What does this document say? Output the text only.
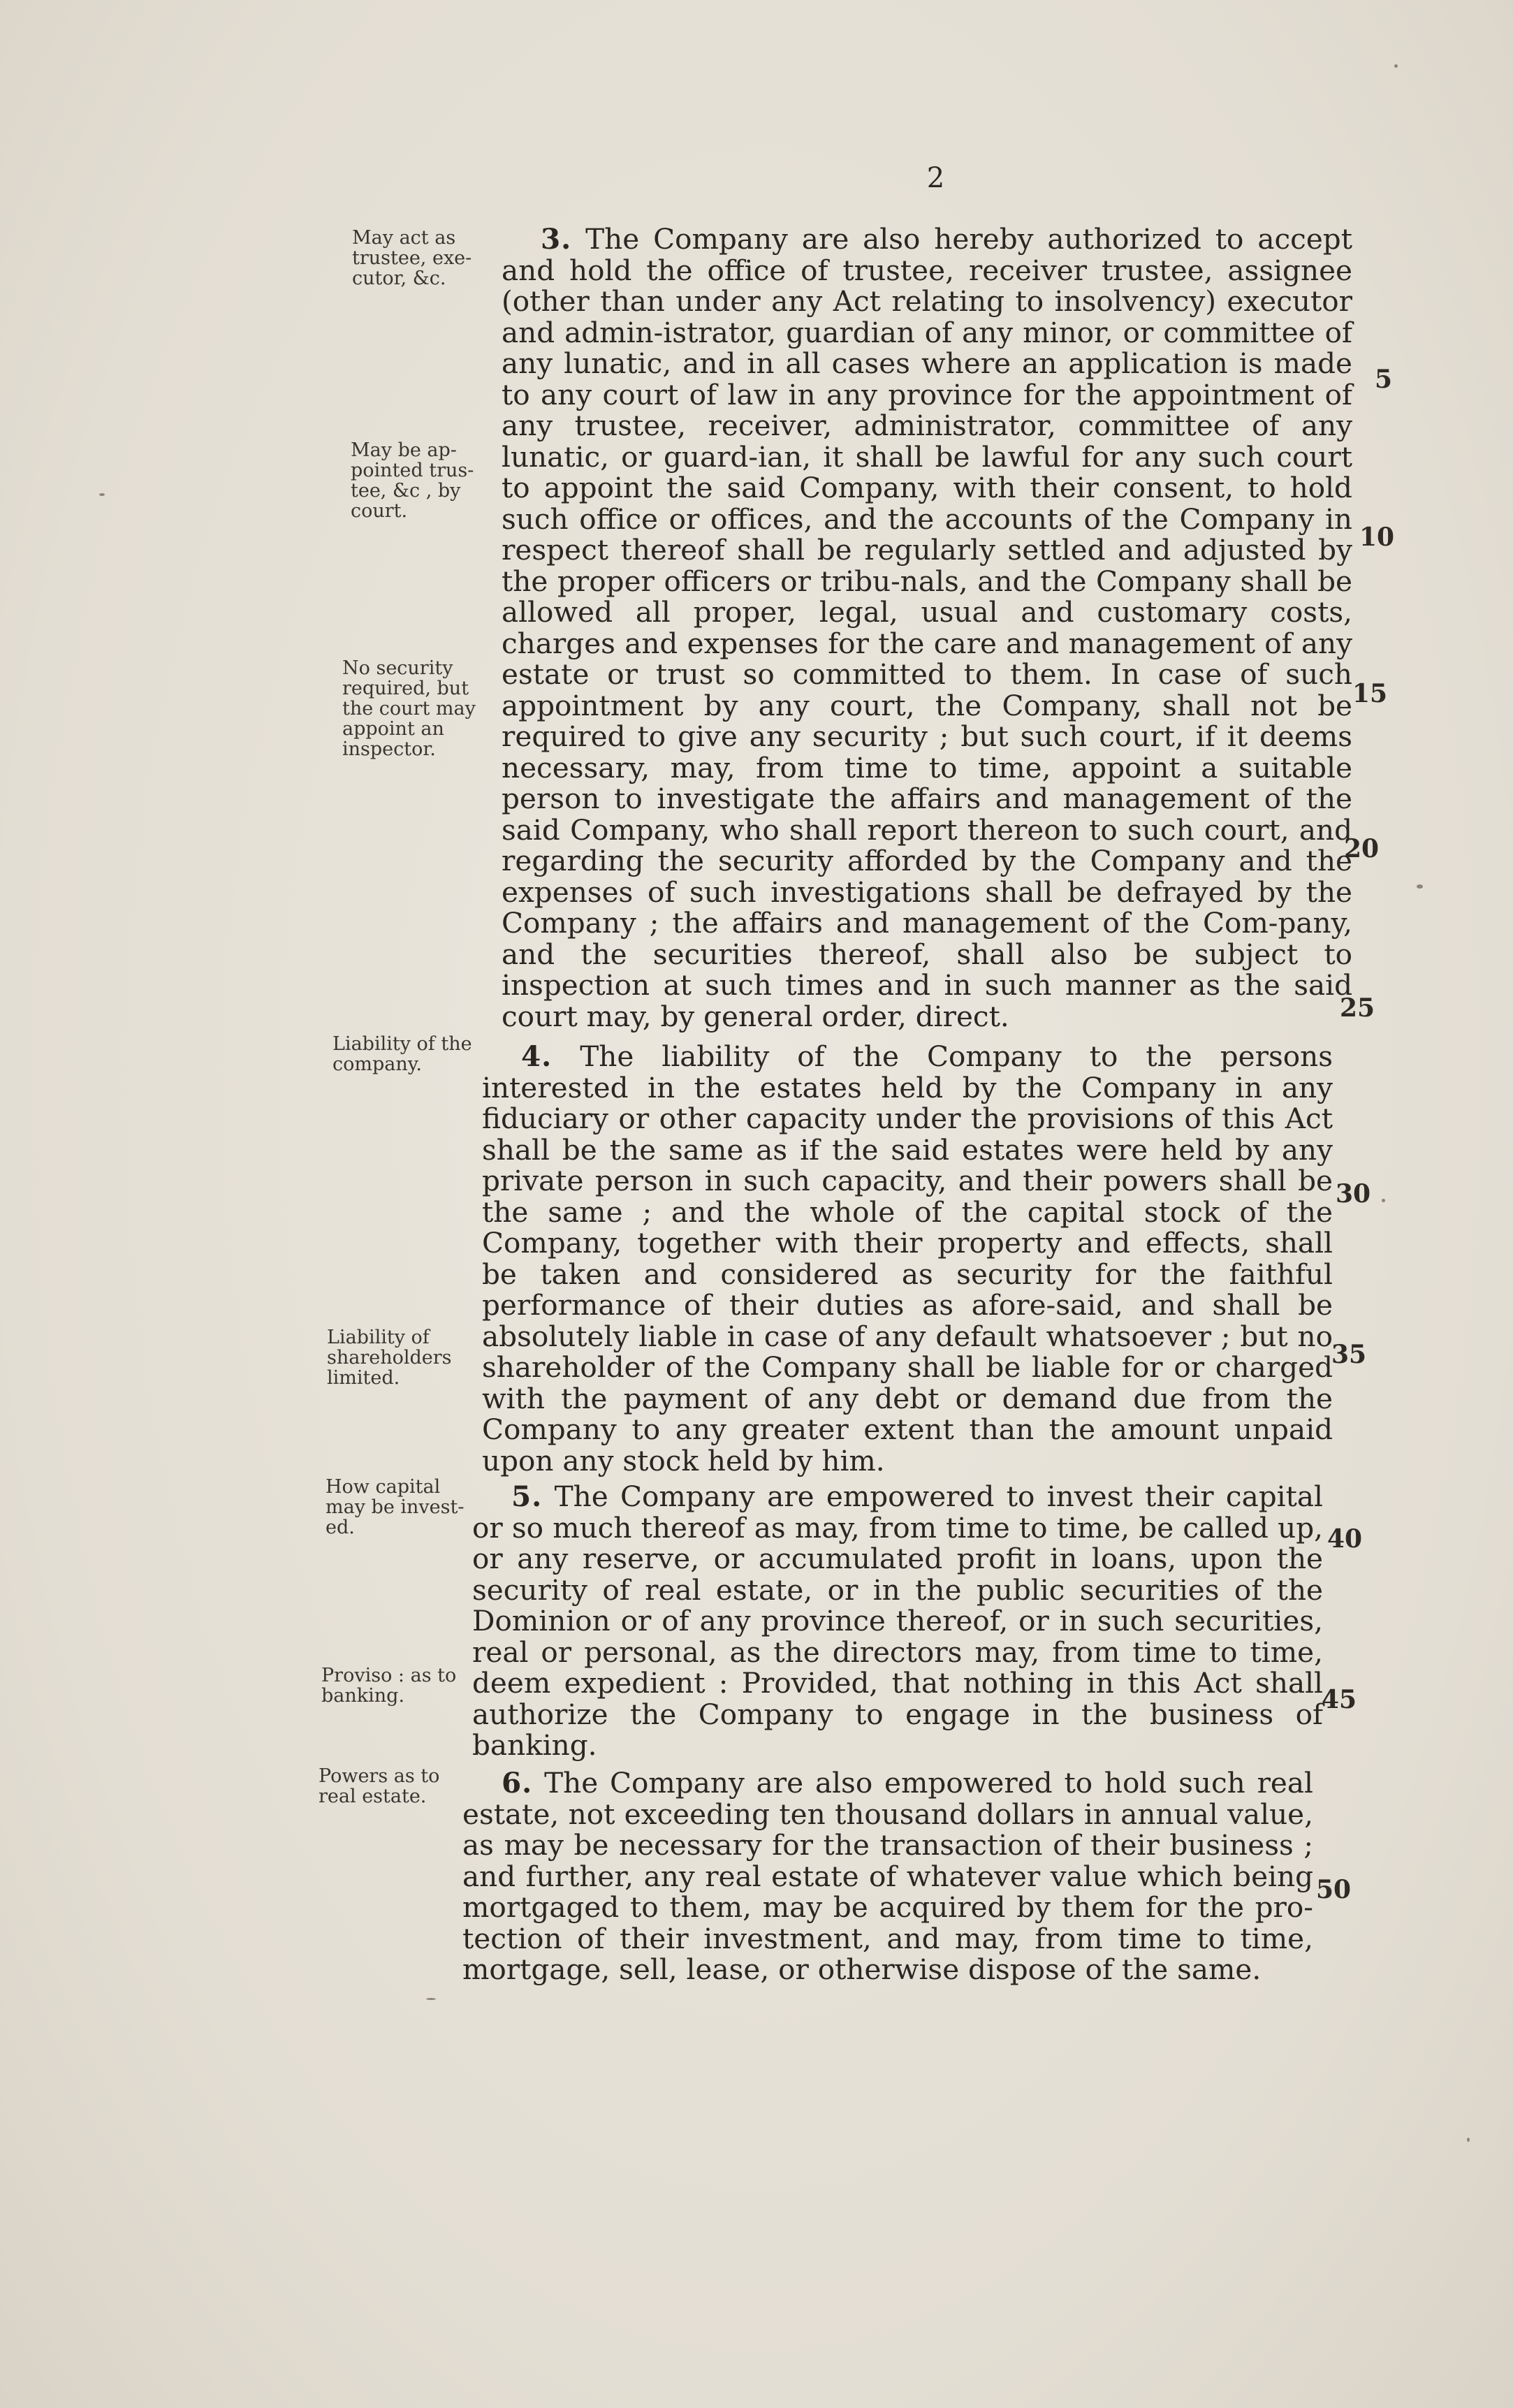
2

May act as trustee, exe-cutor, &c.

May be ap-pointed trus-tee, &c , by court.

No security required, but the court may appoint an inspector.

Liability of the company.

Liability of shareholders limited.

How capital may be invest-ed.

Proviso : as to banking.

Powers as to real estate.

3. The Company are also hereby authorized to accept and hold the office of trustee, receiver trustee, assignee (other than under any Act relating to insolvency) executor and admin-istrator, guardian of any minor, or committee of any lunatic, and in all cases where an application is made to any court of law in any province for the appointment of any trustee, receiver, administrator, committee of any lunatic, or guard-ian, it shall be lawful for any such court to appoint the said Company, with their consent, to hold such office or offices, and the accounts of the Company in respect thereof shall be regularly settled and adjusted by the proper officers or tribu-nals, and the Company shall be allowed all proper, legal, usual and customary costs, charges and expenses for the care and management of any estate or trust so committed to them. In case of such appointment by any court, the Company, shall not be required to give any security ; but such court, if it deems necessary, may, from time to time, appoint a suitable person to investigate the affairs and management of the said Company, who shall report thereon to such court, and regarding the security afforded by the Company and the expenses of such investigations shall be defrayed by the Company ; the affairs and management of the Com-pany, and the securities thereof, shall also be subject to inspection at such times and in such manner as the said court may, by general order, direct.

4. The liability of the Company to the persons interested in the estates held by the Company in any fiduciary or other capacity under the provisions of this Act shall be the same as if the said estates were held by any private person in such capacity, and their powers shall be the same ; and the whole of the capital stock of the Company, together with their property and effects, shall be taken and considered as security for the faithful performance of their duties as afore-said, and shall be absolutely liable in case of any default whatsoever ; but no shareholder of the Company shall be liable for or charged with the payment of any debt or demand due from the Company to any greater extent than the amount unpaid upon any stock held by him.

5. The Company are empowered to invest their capital or so much thereof as may, from time to time, be called up, or any reserve, or accumulated profit in loans, upon the security of real estate, or in the public securities of the Dominion or of any province thereof, or in such securities, real or personal, as the directors may, from time to time, deem expedient : Provided, that nothing in this Act shall authorize the Company to engage in the business of banking.

6. The Company are also empowered to hold such real estate, not exceeding ten thousand dollars in annual value, as may be necessary for the transaction of their business ; and further, any real estate of whatever value which being mortgaged to them, may be acquired by them for the pro-tection of their investment, and may, from time to time, mortgage, sell, lease, or otherwise dispose of the same.

5
10
15
20
25
30
35
40
45
50
